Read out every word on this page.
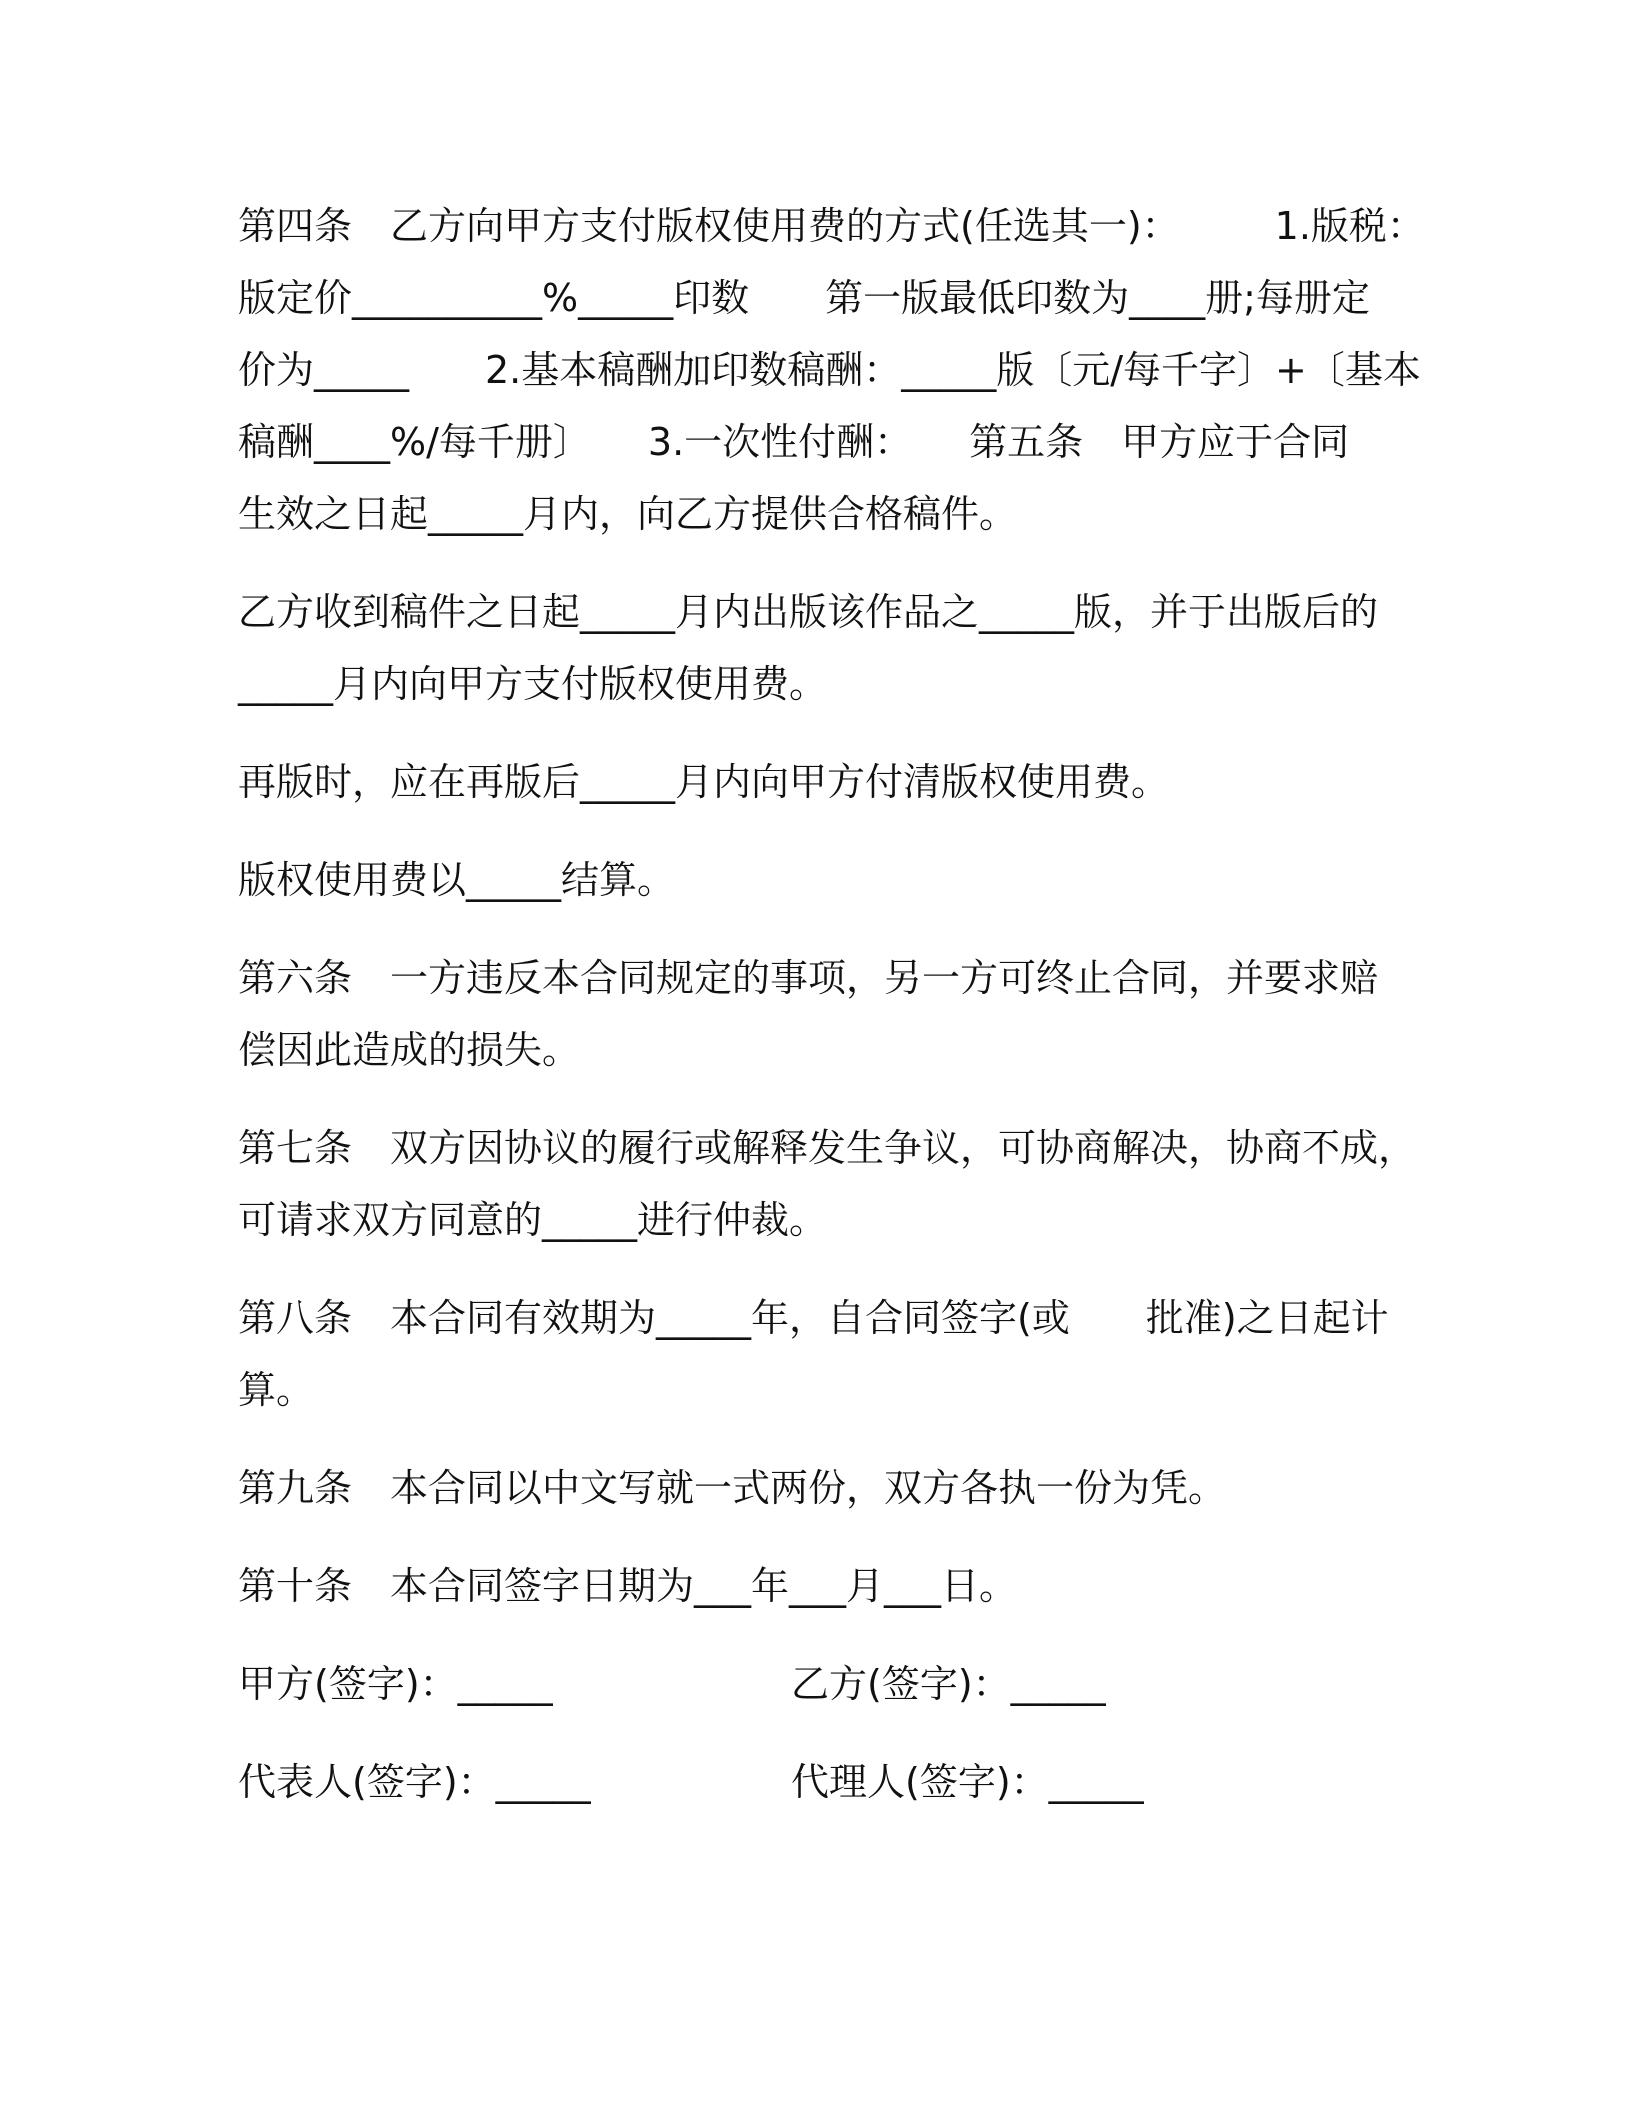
第四条　乙方向甲方支付版权使用费的方式(任选其一)：　　　1.版税：
版定价__________%_____印数　　第一版最低印数为____册;每册定
价为_____　　2.基本稿酬加印数稿酬：_____版〔元/每千字〕+〔基本
稿酬____%/每千册〕　　3.一次性付酬：　　第五条　甲方应于合同
生效之日起_____月内，向乙方提供合格稿件。
乙方收到稿件之日起_____月内出版该作品之_____版，并于出版后的
_____月内向甲方支付版权使用费。
再版时，应在再版后_____月内向甲方付清版权使用费。
版权使用费以_____结算。
第六条　一方违反本合同规定的事项，另一方可终止合同，并要求赔
偿因此造成的损失。
第七条　双方因协议的履行或解释发生争议，可协商解决，协商不成，
可请求双方同意的_____进行仲裁。
第八条　本合同有效期为_____年，自合同签字(或　　批准)之日起计
算。
第九条　本合同以中文写就一式两份，双方各执一份为凭。
第十条　本合同签字日期为___年___月___日。
甲方(签字)：_____	乙方(签字)：_____
代表人(签字)：_____	代理人(签字)：_____
